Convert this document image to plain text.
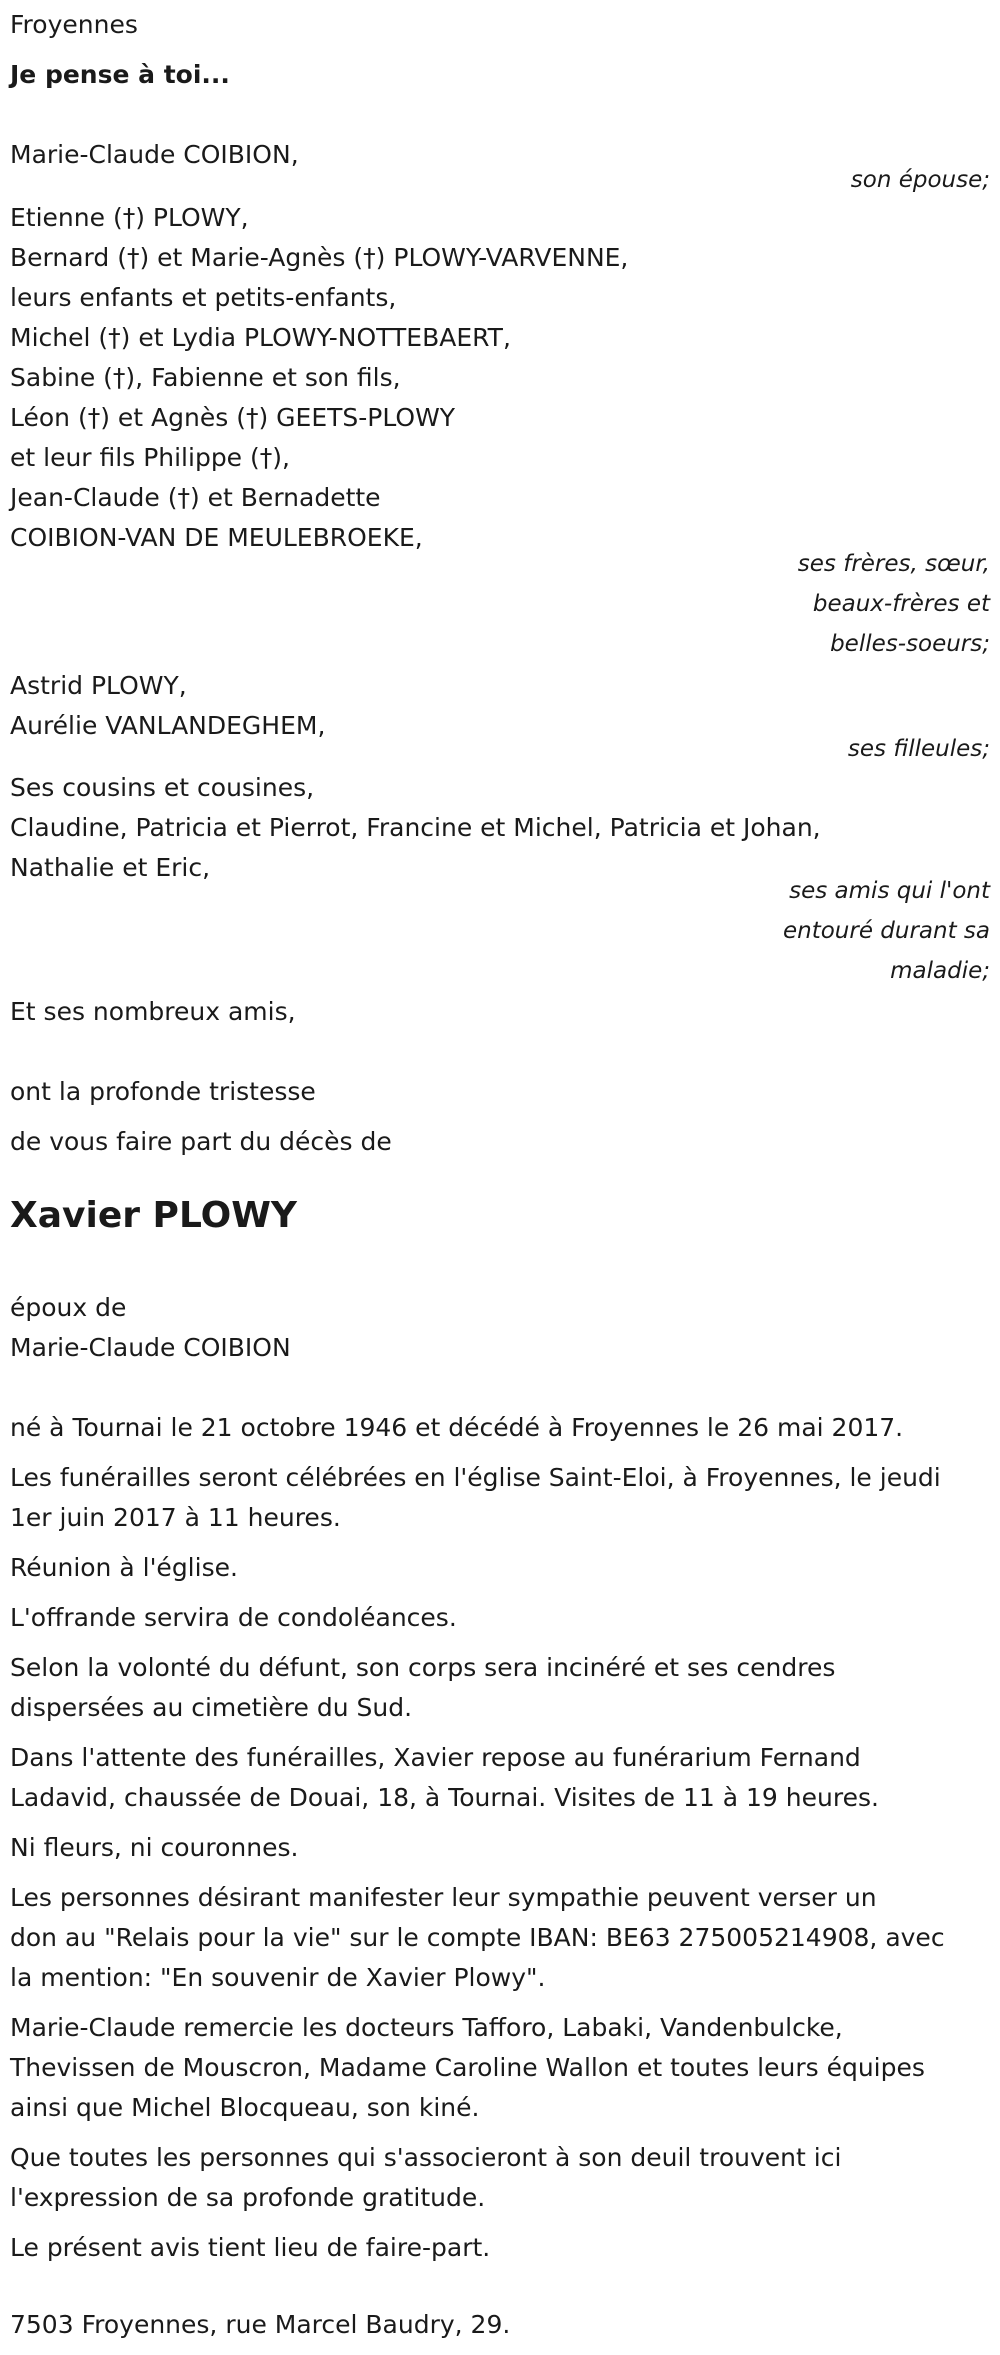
Froyennes
Je pense à toi...
Marie-Claude COIBION,
son épouse;
Etienne (†) PLOWY,
Bernard (†) et Marie-Agnès (†) PLOWY-VARVENNE,
leurs enfants et petits-enfants,
Michel (†) et Lydia PLOWY-NOTTEBAERT,
Sabine (†), Fabienne et son fils,
Léon (†) et Agnès (†) GEETS-PLOWY
et leur fils Philippe (†),
Jean-Claude (†) et Bernadette
COIBION-VAN DE MEULEBROEKE,
ses frères, sœur,
beaux-frères et
belles-soeurs;
Astrid PLOWY,
Aurélie VANLANDEGHEM,
ses filleules;
Ses cousins et cousines,
Claudine, Patricia et Pierrot, Francine et Michel, Patricia et Johan,
Nathalie et Eric,
ses amis qui l'ont
entouré durant sa
maladie;
Et ses nombreux amis,
ont la profonde tristesse
de vous faire part du décès de
Xavier PLOWY
époux de
Marie-Claude COIBION
né à Tournai le 21 octobre 1946 et décédé à Froyennes le 26 mai 2017.
Les funérailles seront célébrées en l'église Saint-Eloi, à Froyennes, le jeudi
1er juin 2017 à 11 heures.
Réunion à l'église.
L'offrande servira de condoléances.
Selon la volonté du défunt, son corps sera incinéré et ses cendres
dispersées au cimetière du Sud.
Dans l'attente des funérailles, Xavier repose au funérarium Fernand
Ladavid, chaussée de Douai, 18, à Tournai. Visites de 11 à 19 heures.
Ni fleurs, ni couronnes.
Les personnes désirant manifester leur sympathie peuvent verser un
don au "Relais pour la vie" sur le compte IBAN: BE63 275005214908, avec
la mention: "En souvenir de Xavier Plowy".
Marie-Claude remercie les docteurs Tafforo, Labaki, Vandenbulcke,
Thevissen de Mouscron, Madame Caroline Wallon et toutes leurs équipes
ainsi que Michel Blocqueau, son kiné.
Que toutes les personnes qui s'associeront à son deuil trouvent ici
l'expression de sa profonde gratitude.
Le présent avis tient lieu de faire-part.
7503 Froyennes, rue Marcel Baudry, 29.
